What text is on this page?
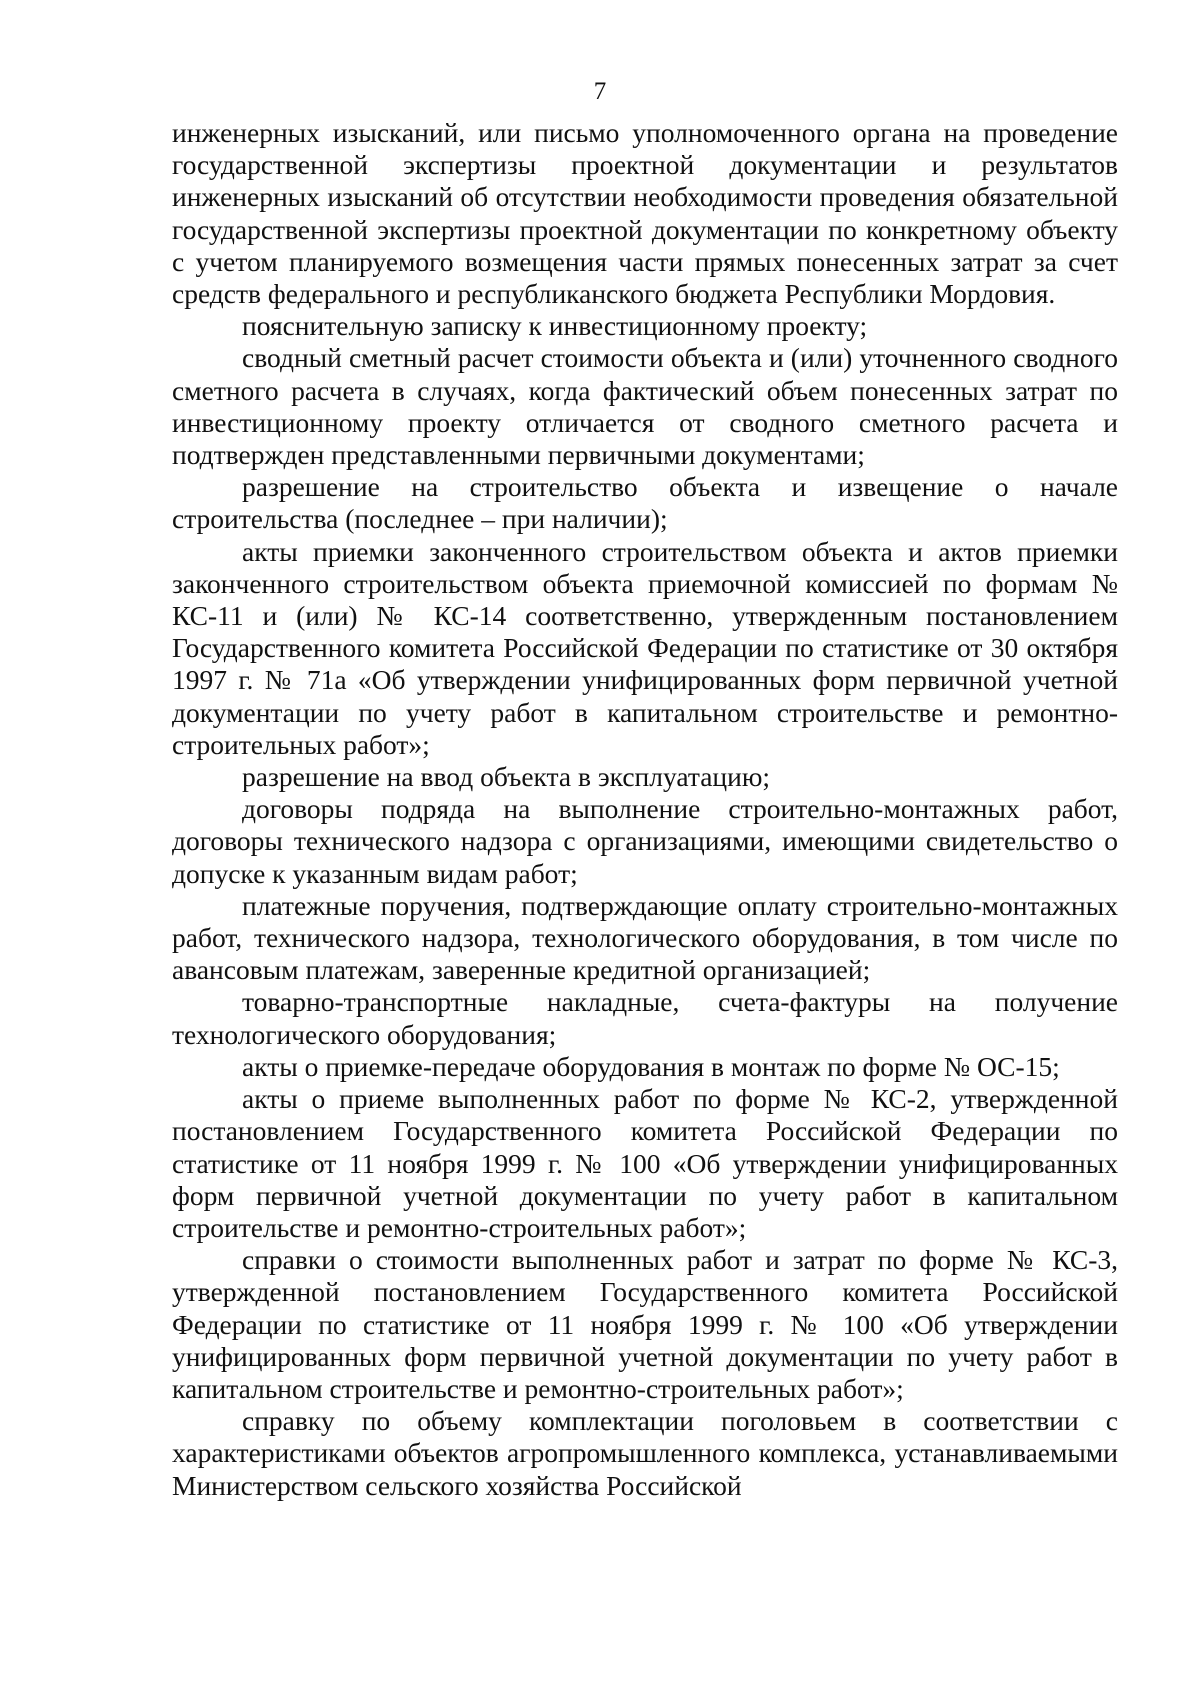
7

инженерных изысканий, или письмо уполномоченного органа на проведение государственной экспертизы проектной документации и результатов инженерных изысканий об отсутствии необходимости проведения обязательной государственной экспертизы проектной документации по конкретному объекту с учетом планируемого возмещения части прямых понесенных затрат за счет средств федерального и республиканского бюджета Республики Мордовия.

пояснительную записку к инвестиционному проекту;

сводный сметный расчет стоимости объекта и (или) уточненного сводного сметного расчета в случаях, когда фактический объем понесенных затрат по инвестиционному проекту отличается от сводного сметного расчета и подтвержден представленными первичными документами;

разрешение на строительство объекта и извещение о начале строительства (последнее – при наличии);

акты приемки законченного строительством объекта и актов приемки законченного строительством объекта приемочной комиссией по формам № КС-11 и (или) № КС-14 соответственно, утвержденным постановлением Государственного комитета Российской Федерации по статистике от 30 октября 1997 г. № 71а «Об утверждении унифицированных форм первичной учетной документации по учету работ в капитальном строительстве и ремонтно-строительных работ»;

разрешение на ввод объекта в эксплуатацию;

договоры подряда на выполнение строительно-монтажных работ, договоры технического надзора с организациями, имеющими свидетельство о допуске к указанным видам работ;

платежные поручения, подтверждающие оплату строительно-монтажных работ, технического надзора, технологического оборудования, в том числе по авансовым платежам, заверенные кредитной организацией;

товарно-транспортные накладные, счета-фактуры на получение технологического оборудования;

акты о приемке-передаче оборудования в монтаж по форме № ОС-15;

акты о приеме выполненных работ по форме № КС-2, утвержденной постановлением Государственного комитета Российской Федерации по статистике от 11 ноября 1999 г. № 100 «Об утверждении унифицированных форм первичной учетной документации по учету работ в капитальном строительстве и ремонтно-строительных работ»;

справки о стоимости выполненных работ и затрат по форме № КС-3, утвержденной постановлением Государственного комитета Российской Федерации по статистике от 11 ноября 1999 г. № 100 «Об утверждении унифицированных форм первичной учетной документации по учету работ в капитальном строительстве и ремонтно-строительных работ»;

справку по объему комплектации поголовьем в соответствии с характеристиками объектов агропромышленного комплекса, устанавливаемыми Министерством сельского хозяйства Российской
